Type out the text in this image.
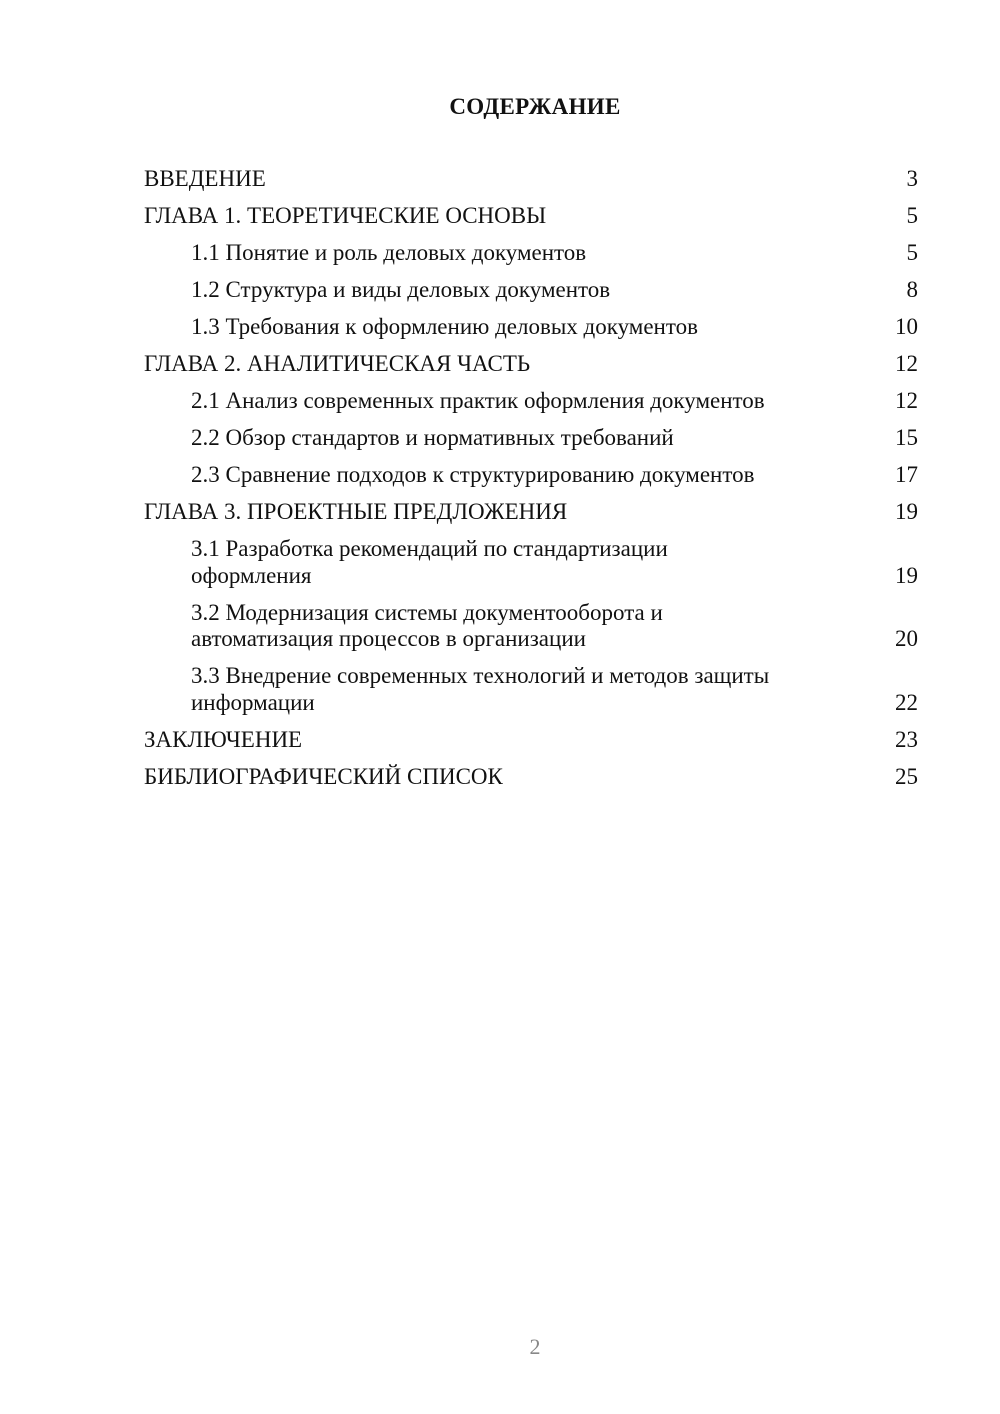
СОДЕРЖАНИЕ
ВВЕДЕНИЕ	3
ГЛАВА 1. ТЕОРЕТИЧЕСКИЕ ОСНОВЫ	5
1.1 Понятие и роль деловых документов	5
1.2 Структура и виды деловых документов	8
1.3 Требования к оформлению деловых документов	10
ГЛАВА 2. АНАЛИТИЧЕСКАЯ ЧАСТЬ	12
2.1 Анализ современных практик оформления документов	12
2.2 Обзор стандартов и нормативных требований	15
2.3 Сравнение подходов к структурированию документов	17
ГЛАВА 3. ПРОЕКТНЫЕ ПРЕДЛОЖЕНИЯ	19
3.1 Разработка рекомендаций по стандартизации оформления	19
3.2 Модернизация системы документооборота и автоматизация процессов в организации	20
3.3 Внедрение современных технологий и методов защиты информации	22
ЗАКЛЮЧЕНИЕ	23
БИБЛИОГРАФИЧЕСКИЙ СПИСОК	25
2
